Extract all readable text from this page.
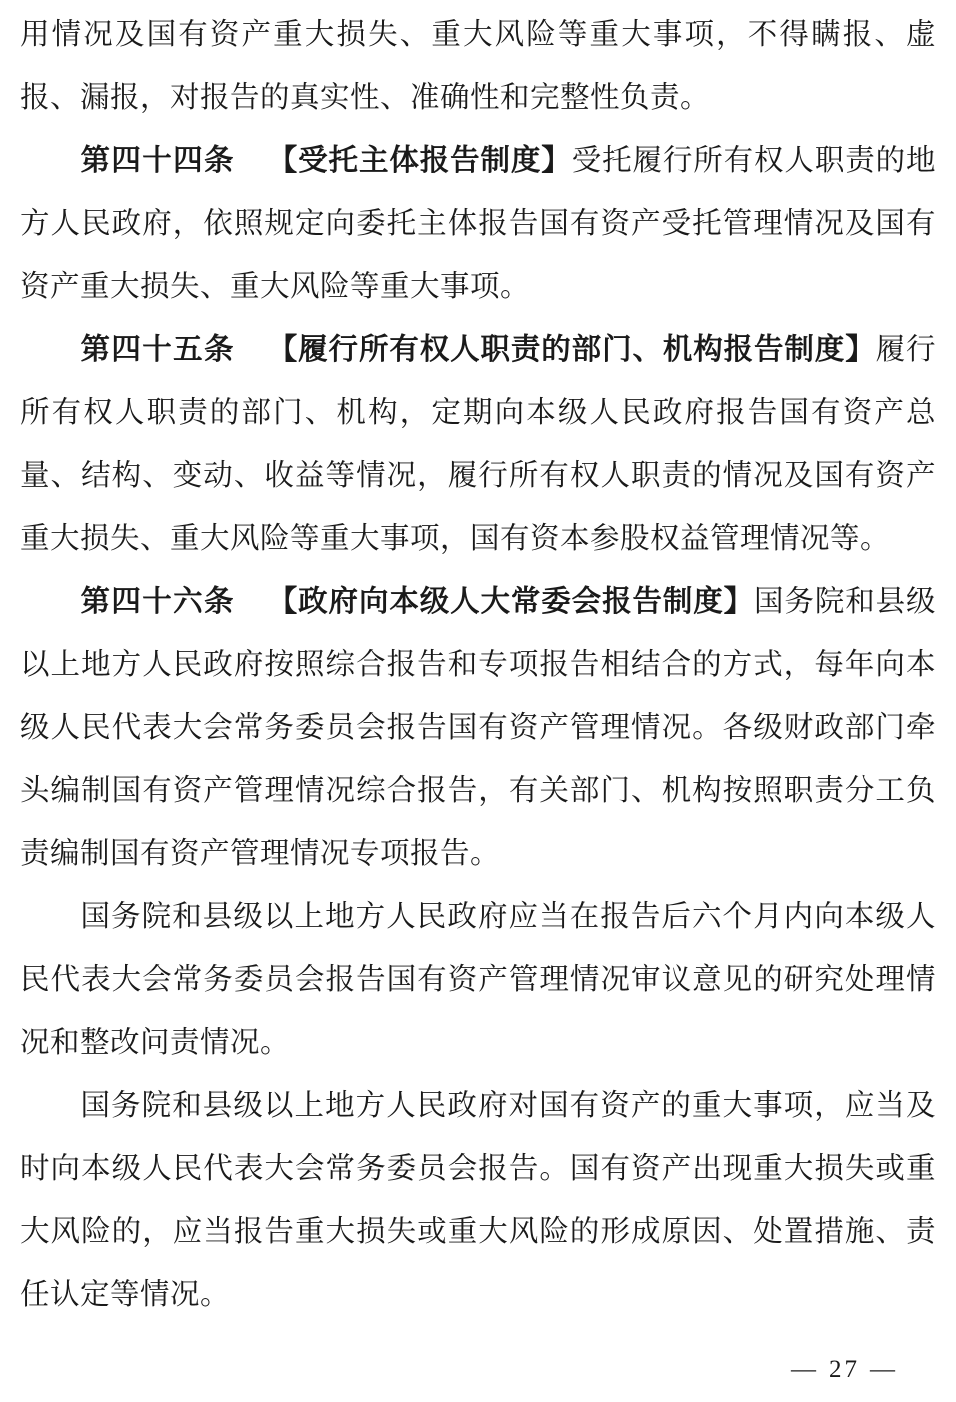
用情况及国有资产重大损失、重大风险等重大事项，不得瞒报、虚报、漏报，对报告的真实性、准确性和完整性负责。

第四十四条 【受托主体报告制度】受托履行所有权人职责的地方人民政府，依照规定向委托主体报告国有资产受托管理情况及国有资产重大损失、重大风险等重大事项。

第四十五条 【履行所有权人职责的部门、机构报告制度】履行所有权人职责的部门、机构，定期向本级人民政府报告国有资产总量、结构、变动、收益等情况，履行所有权人职责的情况及国有资产重大损失、重大风险等重大事项，国有资本参股权益管理情况等。

第四十六条 【政府向本级人大常委会报告制度】国务院和县级以上地方人民政府按照综合报告和专项报告相结合的方式，每年向本级人民代表大会常务委员会报告国有资产管理情况。各级财政部门牵头编制国有资产管理情况综合报告，有关部门、机构按照职责分工负责编制国有资产管理情况专项报告。

国务院和县级以上地方人民政府应当在报告后六个月内向本级人民代表大会常务委员会报告国有资产管理情况审议意见的研究处理情况和整改问责情况。

国务院和县级以上地方人民政府对国有资产的重大事项，应当及时向本级人民代表大会常务委员会报告。国有资产出现重大损失或重大风险的，应当报告重大损失或重大风险的形成原因、处置措施、责任认定等情况。

— 27 —
